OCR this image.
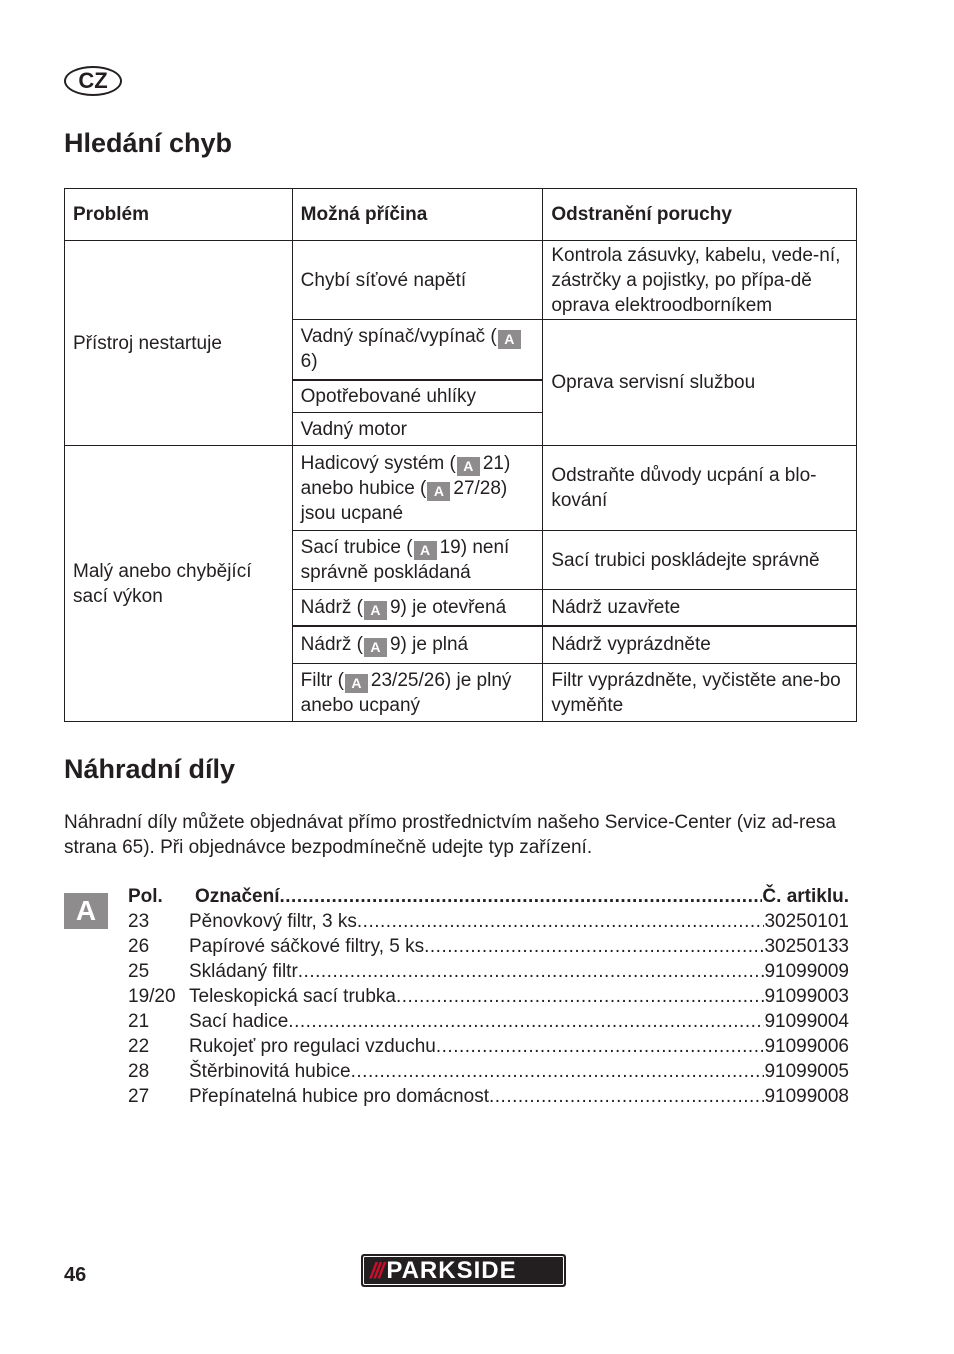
CZ
Hledání chyb
Problém	Možná příčina	Odstranění poruchy
Přístroj nestartuje	Chybí síťové napětí	Kontrola zásuvky, kabelu, vede-ní, zástrčky a pojistky, po přípa-dě oprava elektroodborníkem
	Vadný spínač/vypínač ( A6)	Oprava servisní službou
	Opotřebované uhlíky	
	Vadný motor	
Malý anebo chybějící sací výkon	Hadicový systém ( A 21) anebo hubice ( A 27/28) jsou ucpané	Odstraňte důvody ucpání a blo-kování
	Sací trubice ( A 19) není správně poskládaná	Sací trubici poskládejte správně
	Nádrž ( A 9) je otevřená	Nádrž uzavřete
	Nádrž ( A 9) je plná	Nádrž vyprázdněte
	Filtr ( A 23/25/26) je plný anebo ucpaný	Filtr vyprázdněte, vyčistěte ane-bo vyměňte
Náhradní díly

Náhradní díly můžete objednávat přímo prostřednictvím našeho Service-Center (viz ad-resa strana 65). Při objednávce bezpodmínečně udejte typ zařízení.

A	Pol.	Označení .....	Č. artiklu.
23	Pěnovkový filtr, 3 ks .....	30250101
26	Papírové sáčkové filtry, 5 ks .....	30250133
25	Skládaný filtr .....	91099009
19/20 Teleskopická sací trubka .....	91099003
21	Sací hadice .....	91099004
22	Rukojeť pro regulaci vzduchu .....	91099006
28	Štěrbinovitá hubice .....	91099005
27	Přepínatelná hubice pro domácnost .....	91099008
46	/// PARKSIDE
